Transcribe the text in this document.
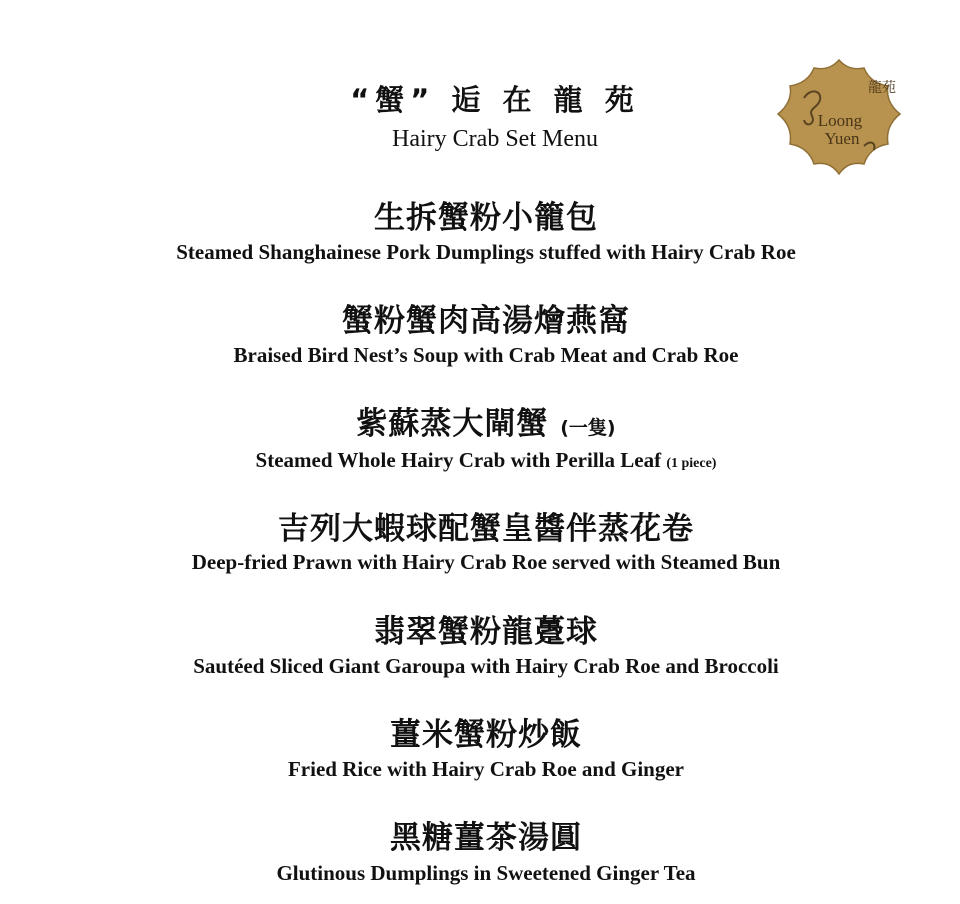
“蟹” 逅 在 龍 苑
Hairy Crab Set Menu
龍苑
Loong
Yuen
生拆蟹粉小籠包
Steamed Shanghainese Pork Dumplings stuffed with Hairy Crab Roe
蟹粉蟹肉高湯燴燕窩
Braised Bird Nest’s Soup with Crab Meat and Crab Roe
紫蘇蒸大閘蟹 (一隻)
Steamed Whole Hairy Crab with Perilla Leaf (1 piece)
吉列大蝦球配蟹皇醬伴蒸花卷
Deep-fried Prawn with Hairy Crab Roe served with Steamed Bun
翡翠蟹粉龍躉球
Sautéed Sliced Giant Garoupa with Hairy Crab Roe and Broccoli
薑米蟹粉炒飯
Fried Rice with Hairy Crab Roe and Ginger
黑糖薑茶湯圓
Glutinous Dumplings in Sweetened Ginger Tea
